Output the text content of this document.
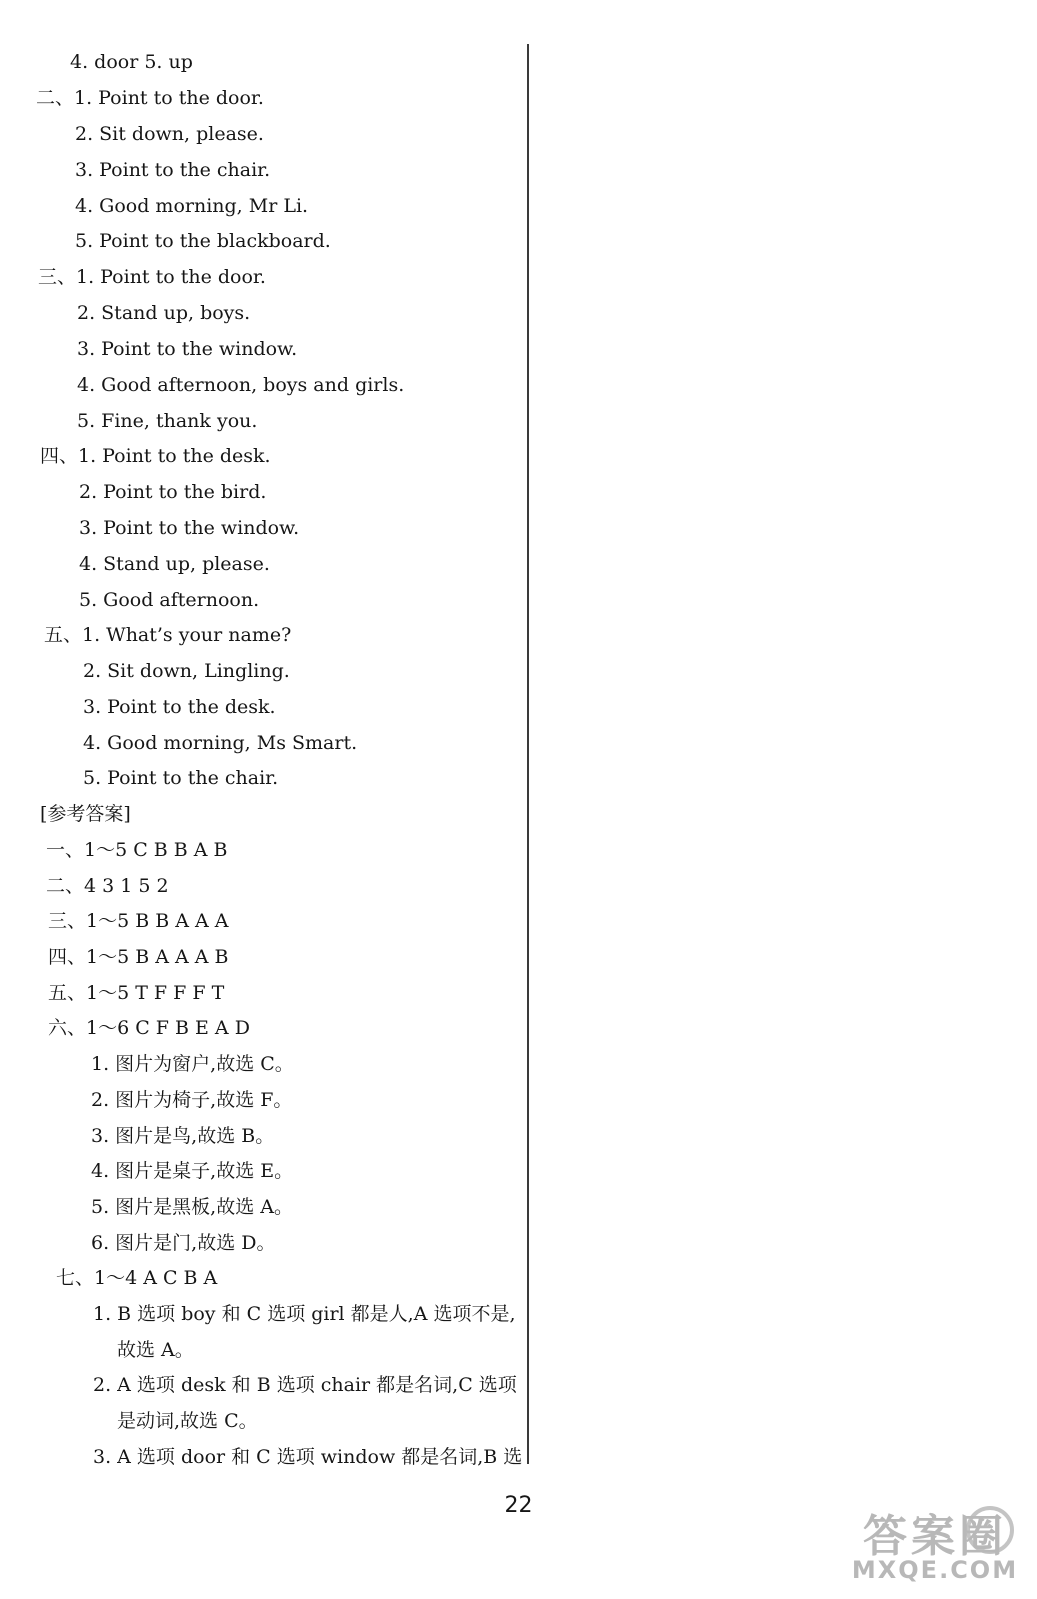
4. door 5. up
二、1. Point to the door.
2. Sit down, please.
3. Point to the chair.
4. Good morning, Mr Li.
5. Point to the blackboard.
三、1. Point to the door.
2. Stand up, boys.
3. Point to the window.
4. Good afternoon, boys and girls.
5. Fine, thank you.
四、1. Point to the desk.
2. Point to the bird.
3. Point to the window.
4. Stand up, please.
5. Good afternoon.
五、1. What’s your name?
2. Sit down, Lingling.
3. Point to the desk.
4. Good morning, Ms Smart.
5. Point to the chair.
[参考答案]
一、1～5 C B B A B
二、4 3 1 5 2
三、1～5 B B A A A
四、1～5 B A A A B
五、1～5 T F F F T
六、1～6 C F B E A D
1. 图片为窗户,故选 C。
2. 图片为椅子,故选 F。
3. 图片是鸟,故选 B。
4. 图片是桌子,故选 E。
5. 图片是黑板,故选 A。
6. 图片是门,故选 D。
七、1～4 A C B A
1. B 选项 boy 和 C 选项 girl 都是人,A 选项不是,
故选 A。
2. A 选项 desk 和 B 选项 chair 都是名词,C 选项
是动词,故选 C。
3. A 选项 door 和 C 选项 window 都是名词,B 选
22
答案圈
MXQE.COM
